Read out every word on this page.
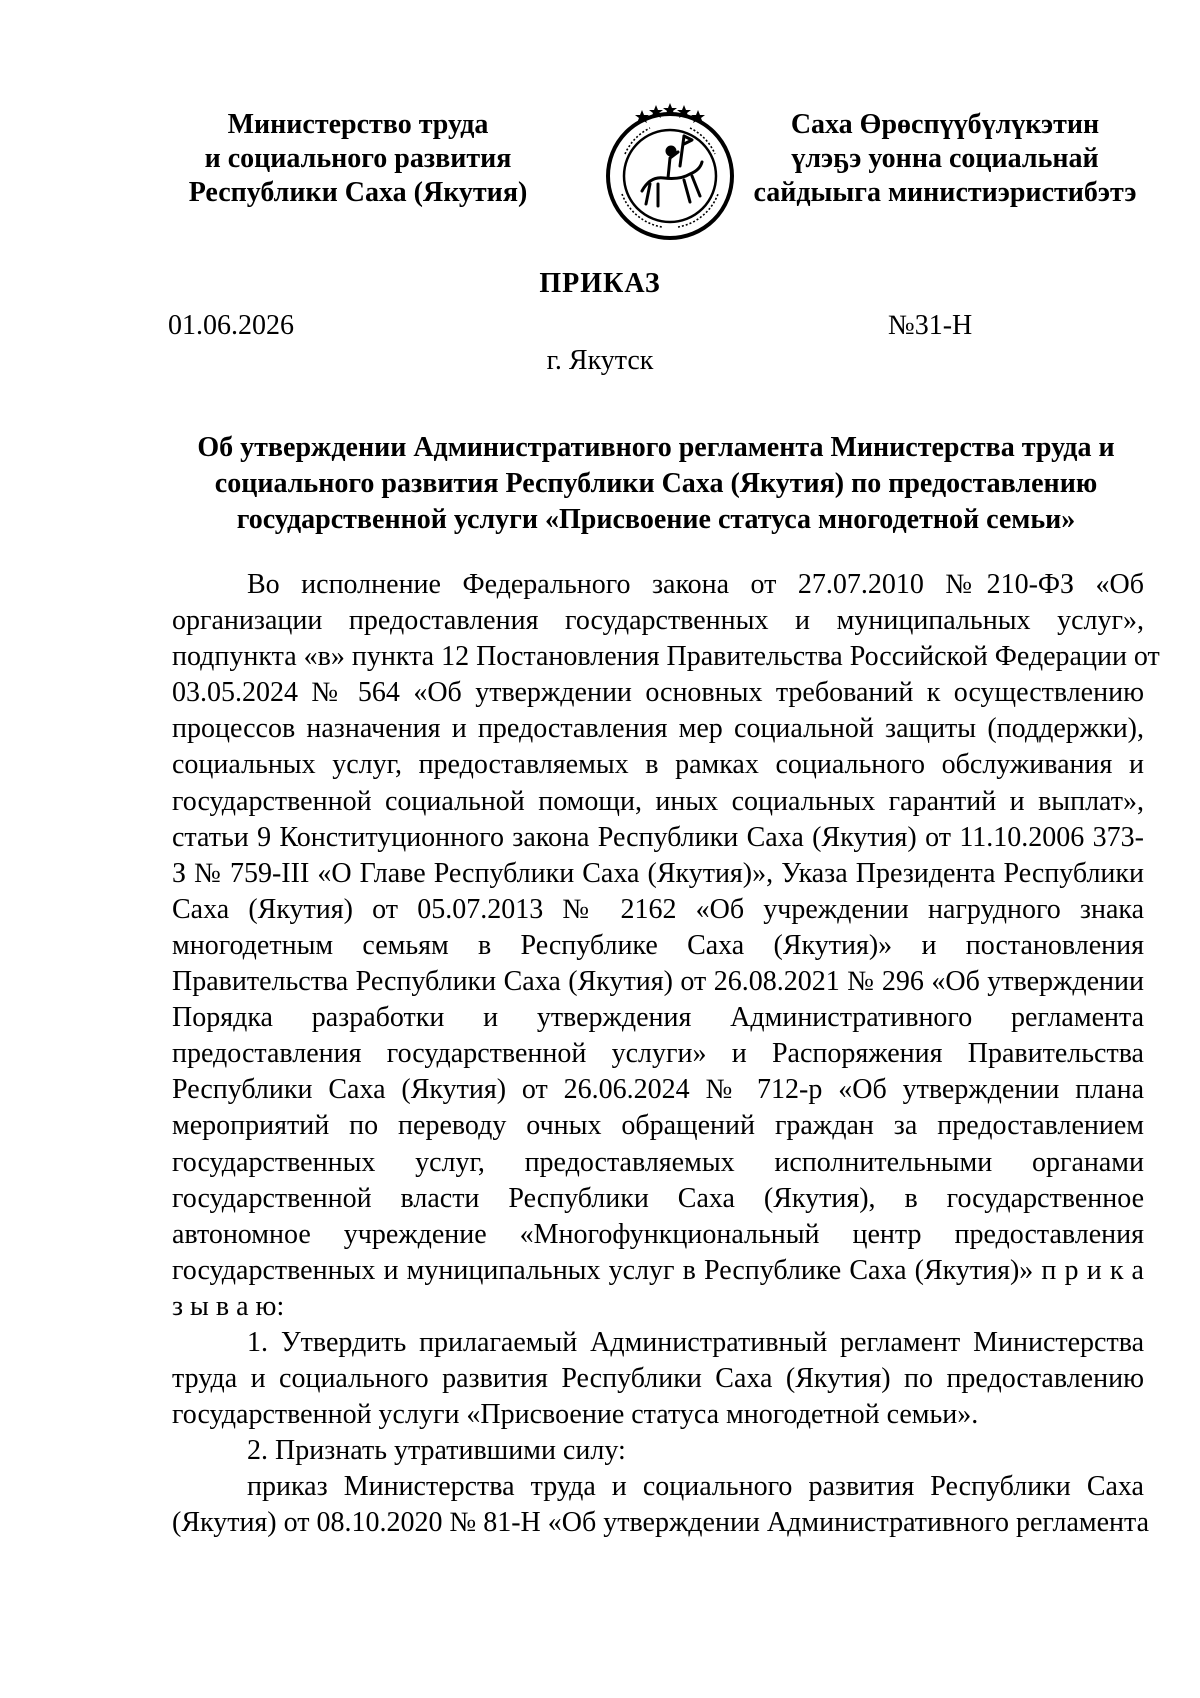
Министерство труда
и социального развития
Республики Саха (Якутия)
Саха Өрөспүүбүлүкэтин
үлэҕэ уонна социальнай
сайдыыга министиэристибэтэ
ПРИКАЗ
01.06.2026	№31-Н
г. Якутск
Об утверждении Административного регламента Министерства труда и
социального развития Республики Саха (Якутия) по предоставлению
государственной услуги «Присвоение статуса многодетной семьи»
Во исполнение Федерального закона от 27.07.2010 №210-ФЗ «Об
организации предоставления государственных и муниципальных услуг»,
подпункта «в» пункта 12 Постановления Правительства Российской Федерации от
03.05.2024 № 564 «Об утверждении основных требований к осуществлению
процессов назначения и предоставления мер социальной защиты (поддержки),
социальных услуг, предоставляемых в рамках социального обслуживания и
государственной социальной помощи, иных социальных гарантий и выплат»,
статьи 9 Конституционного закона Республики Саха (Якутия) от 11.10.2006 373-
З № 759-III «О Главе Республики Саха (Якутия)», Указа Президента Республики
Саха (Якутия) от 05.07.2013 № 2162 «Об учреждении нагрудного знака
многодетным семьям в Республике Саха (Якутия)» и постановления
Правительства Республики Саха (Якутия) от 26.08.2021 № 296 «Об утверждении
Порядка разработки и утверждения Административного регламента
предоставления государственной услуги» и Распоряжения Правительства
Республики Саха (Якутия) от 26.06.2024 № 712-р «Об утверждении плана
мероприятий по переводу очных обращений граждан за предоставлением
государственных услуг, предоставляемых исполнительными органами
государственной власти Республики Саха (Якутия), в государственное
автономное учреждение «Многофункциональный центр предоставления
государственных и муниципальных услуг в Республике Саха (Якутия)» п р и к а
з ы в а ю:
1. Утвердить прилагаемый Административный регламент Министерства
труда и социального развития Республики Саха (Якутия) по предоставлению
государственной услуги «Присвоение статуса многодетной семьи».
2. Признать утратившими силу:
приказ Министерства труда и социального развития Республики Саха
(Якутия) от 08.10.2020 № 81-Н «Об утверждении Административного регламента
